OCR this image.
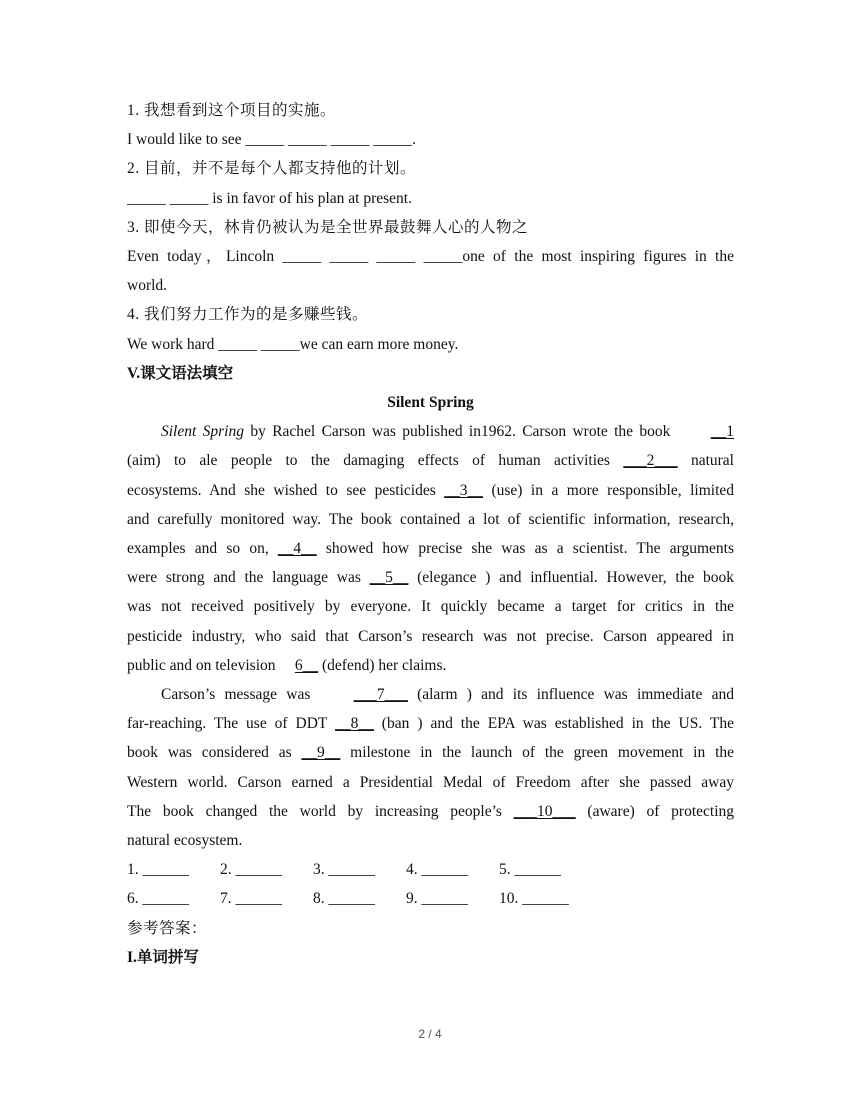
1. 我想看到这个项目的实施。
I would like to see _____ _____ _____ _____.
2. 目前，并不是每个人都支持他的计划。
_____ _____ is in favor of his plan at present.
3. 即使今天，林肯仍被认为是全世界最鼓舞人心的人物之
Even today，Lincoln _____ _____ _____ _____one of the most inspiring figures in the
world.
4. 我们努力工作为的是多赚些钱。
We work hard _____ _____we can earn more money.
V.课文语法填空
Silent Spring
Silent Spring by Rachel Carson was published in1962. Carson wrote the book __1
(aim) to ale people to the damaging effects of human activities ___2___ natural
ecosystems. And she wished to see pesticides __3__ (use) in a more responsible, limited
and carefully monitored way. The book contained a lot of scientific information, research,
examples and so on, __4__ showed how precise she was as a scientist. The arguments
were strong and the language was __5__ (elegance ) and influential. However, the book
was not received positively by everyone. It quickly became a target for critics in the
pesticide industry, who said that Carson’s research was not precise. Carson appeared in
public and on television     6__ (defend) her claims.
Carson’s message was ___7___ (alarm ) and its influence was immediate and
far-reaching. The use of DDT __8__ (ban ) and the EPA was established in the US. The
book was considered as __9__ milestone in the launch of the green movement in the
Western world. Carson earned a Presidential Medal of Freedom after she passed away
The book changed the world by increasing people’s ___10___ (aware) of protecting
natural ecosystem.
1. ______ 2. ______ 3. ______ 4. ______ 5. ______
6. ______ 7. ______ 8. ______ 9. ______ 10. ______
参考答案：
I.单词拼写
2 / 4
